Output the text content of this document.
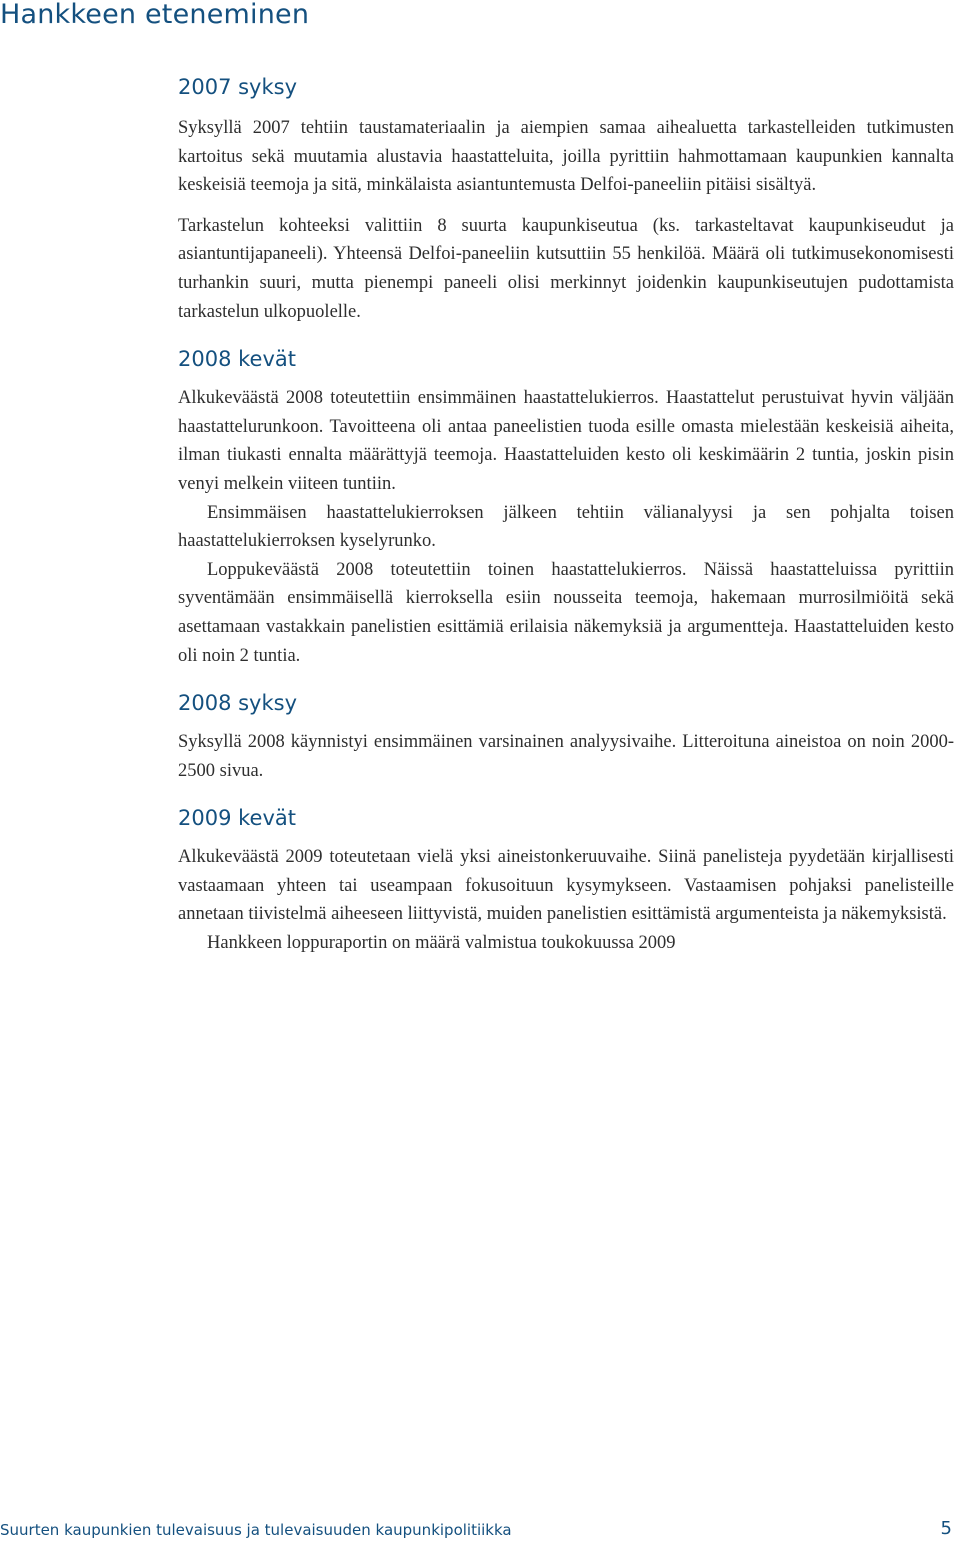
Hankkeen eteneminen
2007 syksy

Syksyllä 2007 tehtiin taustamateriaalin ja aiempien samaa aihealuetta tarkastelleiden tutkimusten kartoitus sekä muutamia alustavia haastatteluita, joilla pyrittiin hahmottamaan kaupunkien kannalta keskeisiä teemoja ja sitä, minkälaista asiantuntemusta Delfoi-paneeliin pitäisi sisältyä.

Tarkastelun kohteeksi valittiin 8 suurta kaupunkiseutua (ks. tarkasteltavat kaupunkiseudut ja asiantuntijapaneeli). Yhteensä Delfoi-paneeliin kutsuttiin 55 henkilöä. Määrä oli tutkimusekonomisesti turhankin suuri, mutta pienempi paneeli olisi merkinnyt joidenkin kaupunkiseutujen pudottamista tarkastelun ulkopuolelle.

2008 kevät

Alkukeväästä 2008 toteutettiin ensimmäinen haastattelukierros. Haastattelut perustuivat hyvin väljään haastattelurunkoon. Tavoitteena oli antaa paneelistien tuoda esille omasta mielestään keskeisiä aiheita, ilman tiukasti ennalta määrättyjä teemoja. Haastatteluiden kesto oli keskimäärin 2 tuntia, joskin pisin venyi melkein viiteen tuntiin.

Ensimmäisen haastattelukierroksen jälkeen tehtiin välianalyysi ja sen pohjalta toisen haastattelukierroksen kyselyrunko.

Loppukeväästä 2008 toteutettiin toinen haastattelukierros. Näissä haastatteluissa pyrittiin syventämään ensimmäisellä kierroksella esiin nousseita teemoja, hakemaan murrosilmiöitä sekä asettamaan vastakkain panelistien esittämiä erilaisia näkemyksiä ja argumentteja. Haastatteluiden kesto oli noin 2 tuntia.

2008 syksy

Syksyllä 2008 käynnistyi ensimmäinen varsinainen analyysivaihe. Litteroituna aineistoa on noin 2000-2500 sivua.

2009 kevät

Alkukeväästä 2009 toteutetaan vielä yksi aineistonkeruuvaihe. Siinä panelisteja pyydetään kirjallisesti vastaamaan yhteen tai useampaan fokusoituun kysymykseen. Vastaamisen pohjaksi panelisteille annetaan tiivistelmä aiheeseen liittyvistä, muiden panelistien esittämistä argumenteista ja näkemyksistä.

Hankkeen loppuraportin on määrä valmistua toukokuussa 2009

Suurten kaupunkien tulevaisuus ja tulevaisuuden kaupunkipolitiikka	5
